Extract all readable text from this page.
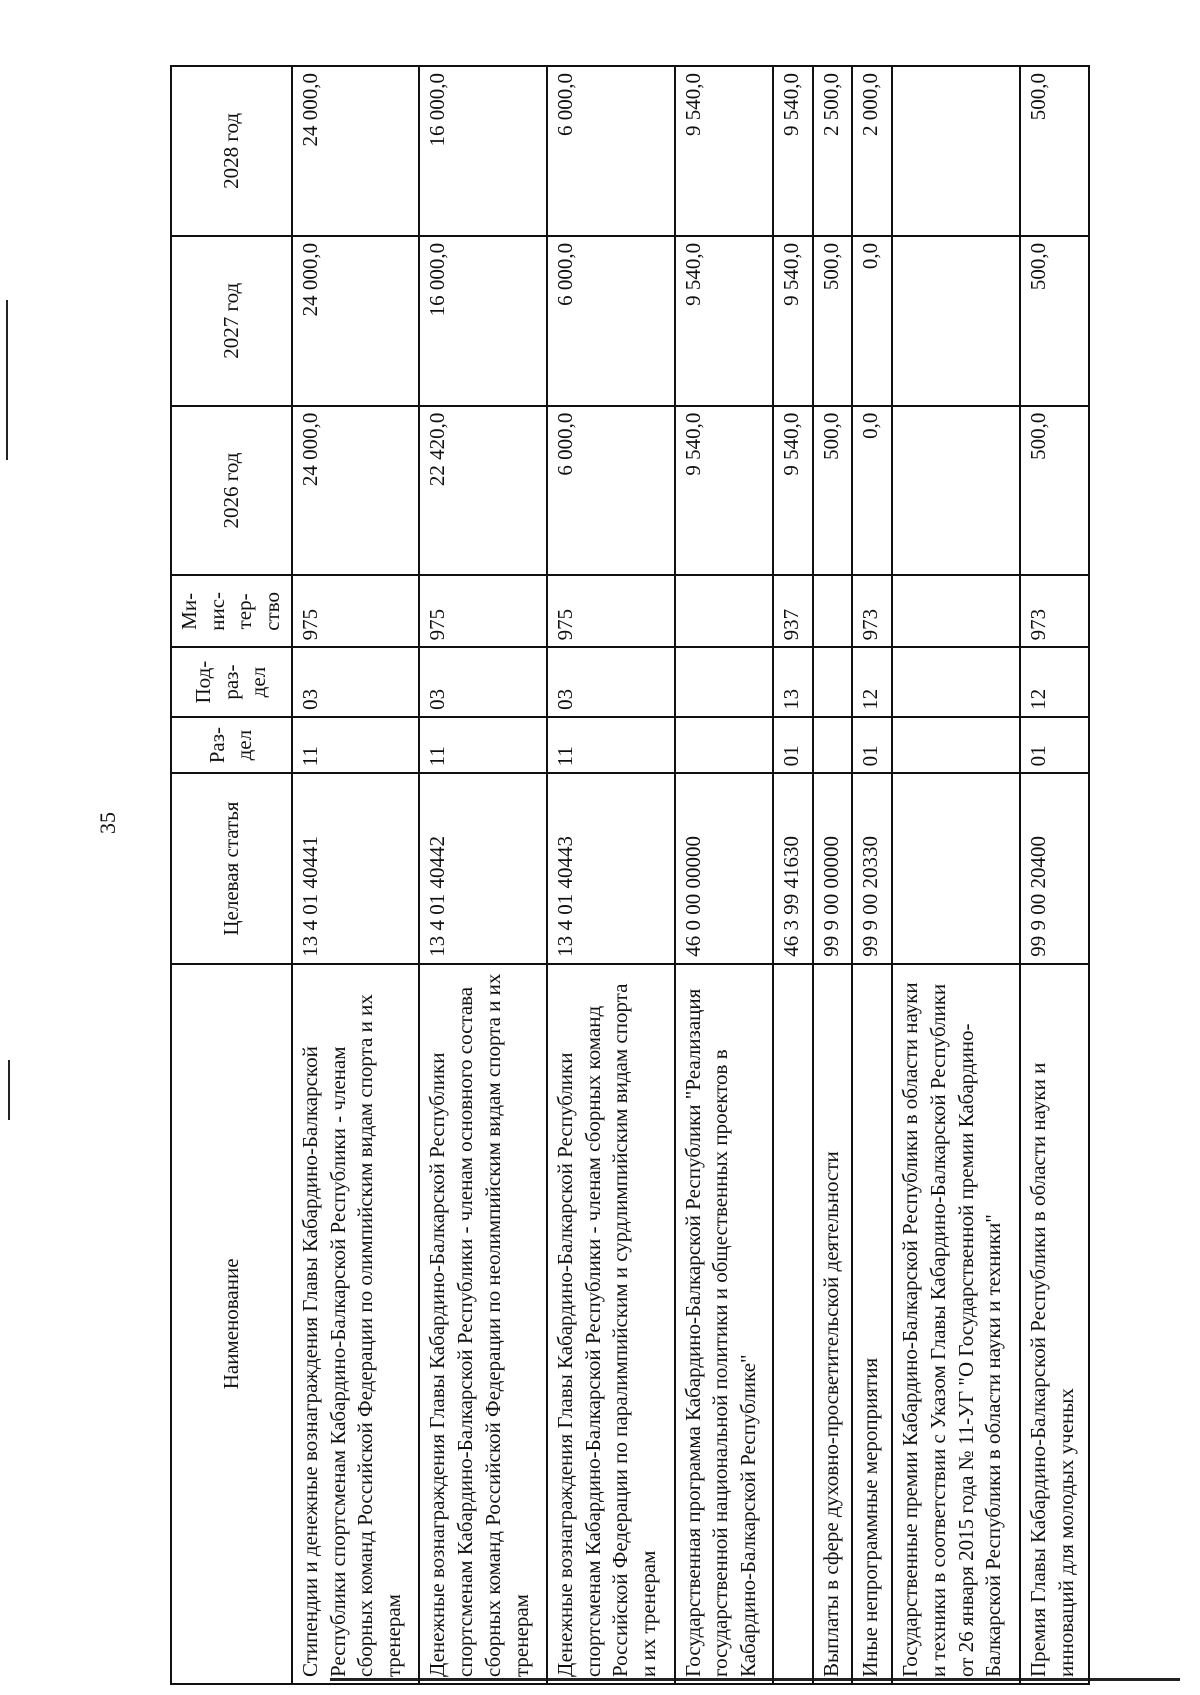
35
Наименование	Целевая статья	Раз-дел	Под-раз-дел	Ми-нис-тер-ство	2026 год	2027 год	2028 год
Стипендии и денежные вознаграждения Главы Кабардино-Балкарской Республики спортсменам Кабардино-Балкарской Республики - членам сборных команд Российской Федерации по олимпийским видам спорта и их тренерам	13 4 01 40441	11	03	975	24 000,0	24 000,0	24 000,0
Денежные вознаграждения Главы Кабардино-Балкарской Республики спортсменам Кабардино-Балкарской Республики - членам основного состава сборных команд Российской Федерации по неолимпийским видам спорта и их тренерам	13 4 01 40442	11	03	975	22 420,0	16 000,0	16 000,0
Денежные вознаграждения Главы Кабардино-Балкарской Республики спортсменам Кабардино-Балкарской Республики - членам сборных команд Российской Федерации по паралимпийским и сурдлимпийским видам спорта и их тренерам	13 4 01 40443	11	03	975	6 000,0	6 000,0	6 000,0
Государственная программа Кабардино-Балкарской Республики "Реализация государственной национальной политики и общественных проектов в Кабардино-Балкарской Республике"	46 0 00 00000				9 540,0	9 540,0	9 540,0
	46 3 99 41630	01	13	937	9 540,0	9 540,0	9 540,0
Выплаты в сфере духовно-просветительской деятельности	99 9 00 00000				500,0	500,0	2 500,0
Иные непрограммные мероприятия	99 9 00 20330	01	12	973	0,0	0,0	2 000,0
Государственные премии Кабардино-Балкарской Республики в области науки и техники в соответствии с Указом Главы Кабардино-Балкарской Республики от 26 января 2015 года № 11-УГ "О Государственной премии Кабардино-Балкарской Республики в области науки и техники"							
Премия Главы Кабардино-Балкарской Республики в области науки и инноваций для молодых ученых	99 9 00 20400	01	12	973	500,0	500,0	500,0
